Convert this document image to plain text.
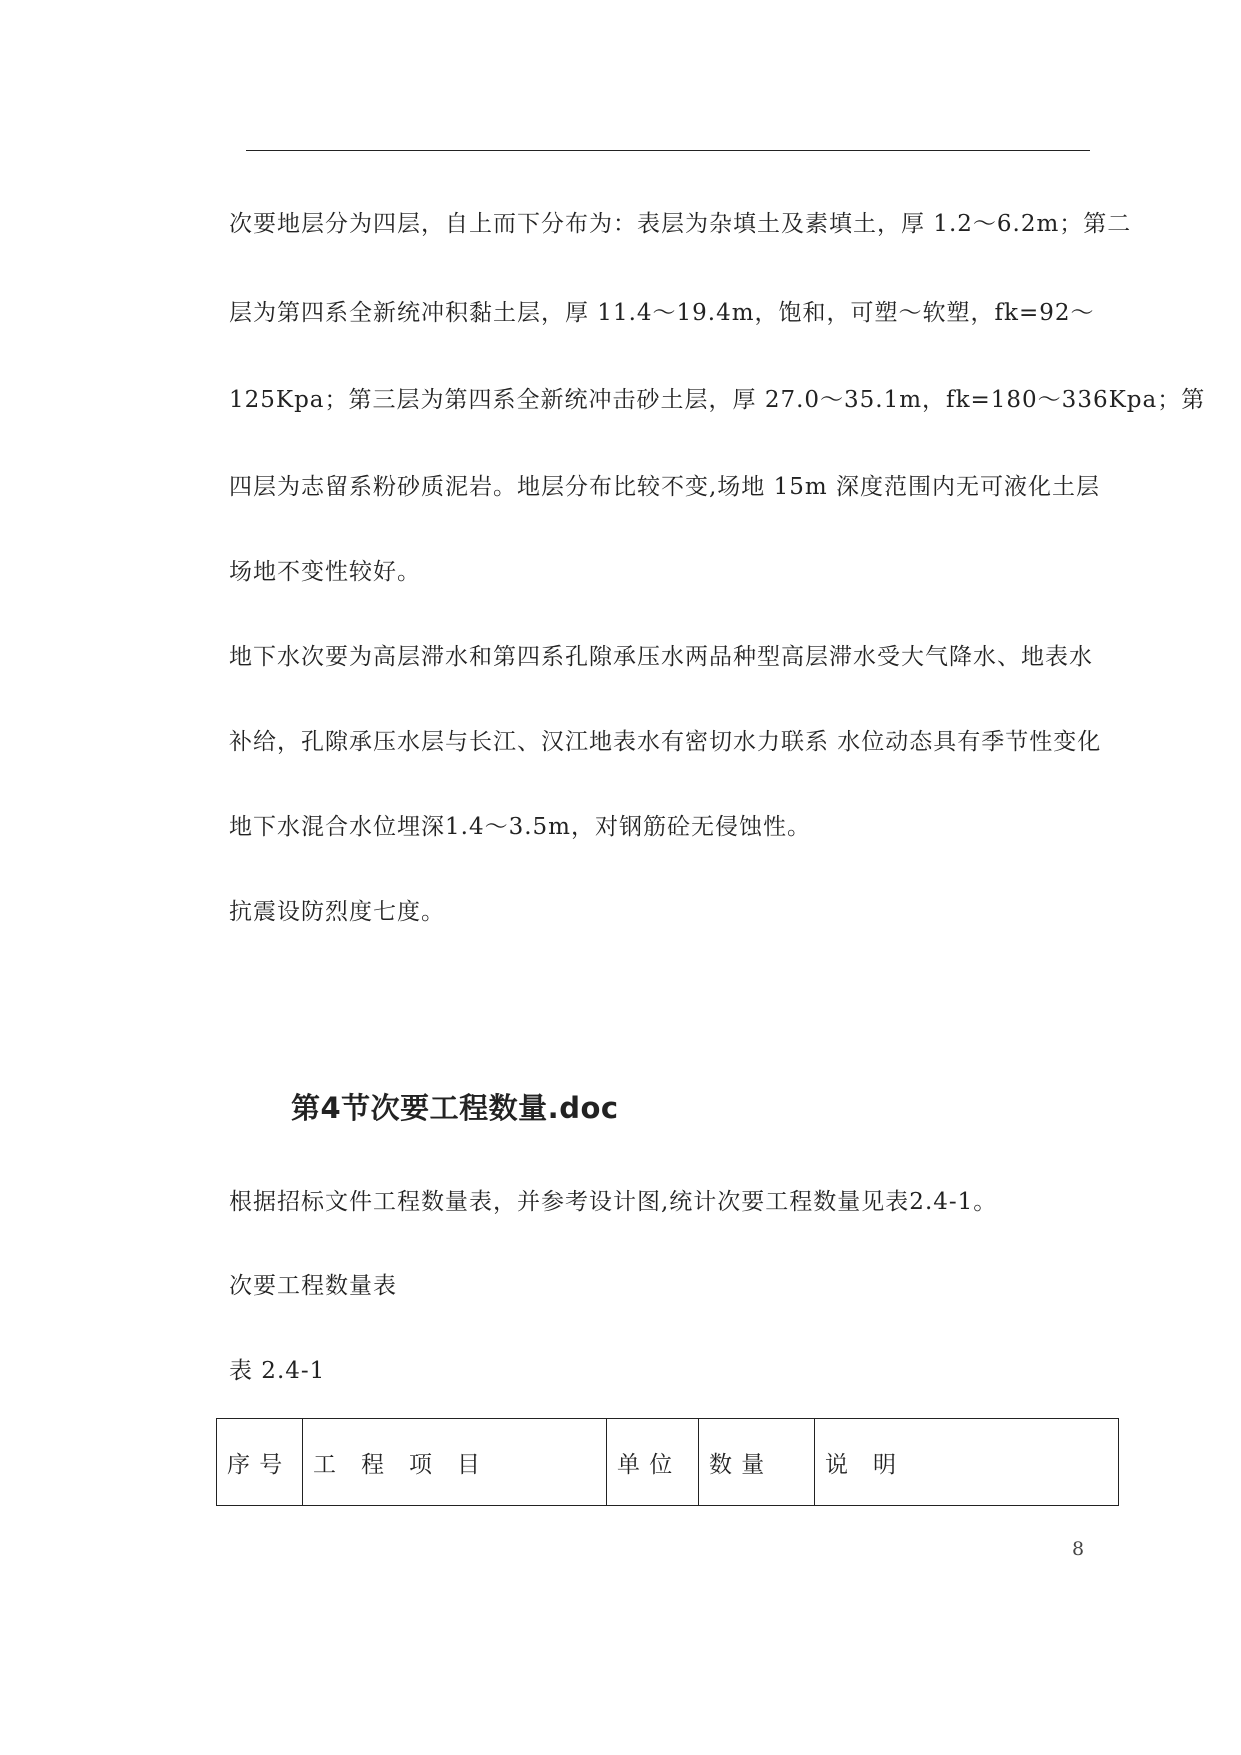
次要地层分为四层，自上而下分布为：表层为杂填土及素填土，厚 1.2～6.2m；第二
层为第四系全新统冲积黏土层，厚 11.4～19.4m，饱和，可塑～软塑，fk=92～
125Kpa；第三层为第四系全新统冲击砂土层，厚 27.0～35.1m，fk=180～336Kpa；第
四层为志留系粉砂质泥岩。地层分布比较不变,场地 15m 深度范围内无可液化土层
场地不变性较好。
地下水次要为高层滞水和第四系孔隙承压水两品种型高层滞水受大气降水、地表水
补给，孔隙承压水层与长江、汉江地表水有密切水力联系 水位动态具有季节性变化
地下水混合水位埋深1.4～3.5m，对钢筋砼无侵蚀性。
抗震设防烈度七度。
第4节次要工程数量.doc
根据招标文件工程数量表，并参考设计图,统计次要工程数量见表2.4-1。
次要工程数量表
表 2.4-1
序 号	工　程　项　目	单 位	数 量	说　明
8
